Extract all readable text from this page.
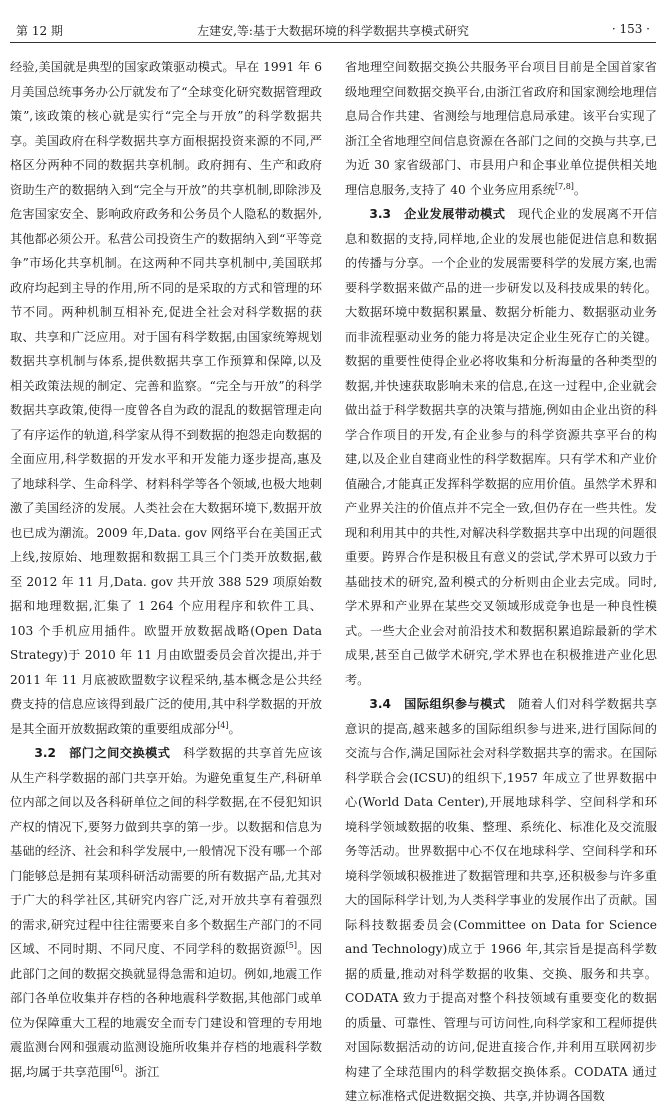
第 12 期	左建安,等:基于大数据环境的科学数据共享模式研究	· 153 ·

经验,美国就是典型的国家政策驱动模式。早在 1991 年 6 月美国总统事务办公厅就发布了“全球变化研究数据管理政策”,该政策的核心就是实行“完全与开放”的科学数据共享。美国政府在科学数据共享方面根据投资来源的不同,严格区分两种不同的数据共享机制。政府拥有、生产和政府资助生产的数据纳入到“完全与开放”的共享机制,即除涉及危害国家安全、影响政府政务和公务员个人隐私的数据外,其他都必须公开。私营公司投资生产的数据纳入到“平等竞争”市场化共享机制。在这两种不同共享机制中,美国联邦政府均起到主导的作用,所不同的是采取的方式和管理的环节不同。两种机制互相补充,促进全社会对科学数据的获取、共享和广泛应用。对于国有科学数据,由国家统筹规划数据共享机制与体系,提供数据共享工作预算和保障,以及相关政策法规的制定、完善和监察。“完全与开放”的科学数据共享政策,使得一度曾各自为政的混乱的数据管理走向了有序运作的轨道,科学家从得不到数据的抱怨走向数据的全面应用,科学数据的开发水平和开发能力逐步提高,惠及了地球科学、生命科学、材料科学等各个领域,也极大地刺激了美国经济的发展。人类社会在大数据环境下,数据开放也已成为潮流。2009 年,Data. gov 网络平台在美国正式上线,按原始、地理数据和数据工具三个门类开放数据,截至 2012 年 11 月,Data. gov 共开放 388 529 项原始数据和地理数据,汇集了 1 264 个应用程序和软件工具、103 个手机应用插件。欧盟开放数据战略(Open Data Strategy)于 2010 年 11 月由欧盟委员会首次提出,并于 2011 年 11 月底被欧盟数字议程采纳,基本概念是公共经费支持的信息应该得到最广泛的使用,其中科学数据的开放是其全面开放数据政策的重要组成部分[4]。

3.2　部门之间交换模式　 科学数据的共享首先应该从生产科学数据的部门共享开始。为避免重复生产,科研单位内部之间以及各科研单位之间的科学数据,在不侵犯知识产权的情况下,要努力做到共享的第一步。以数据和信息为基础的经济、社会和科学发展中,一般情况下没有哪一个部门能够总是拥有某项科研活动需要的所有数据产品,尤其对于广大的科学社区,其研究内容广泛,对开放共享有着强烈的需求,研究过程中往往需要来自多个数据生产部门的不同区域、不同时期、不同尺度、不同学科的数据资源[5]。因此部门之间的数据交换就显得急需和迫切。例如,地震工作部门各单位收集并存档的各种地震科学数据,其他部门或单位为保障重大工程的地震安全而专门建设和管理的专用地震监测台网和强震动监测设施所收集并存档的地震科学数据,均属于共享范围[6]。浙江

省地理空间数据交换公共服务平台项目目前是全国首家省级地理空间数据交换平台,由浙江省政府和国家测绘地理信息局合作共建、省测绘与地理信息局承建。该平台实现了浙江全省地理空间信息资源在各部门之间的交换与共享,已为近 30 家省级部门、市县用户和企事业单位提供相关地理信息服务,支持了 40 个业务应用系统[7,8]。

3.3　企业发展带动模式　 现代企业的发展离不开信息和数据的支持,同样地,企业的发展也能促进信息和数据的传播与分享。一个企业的发展需要科学的发展方案,也需要科学数据来做产品的进一步研发以及科技成果的转化。大数据环境中数据积累量、数据分析能力、数据驱动业务而非流程驱动业务的能力将是决定企业生死存亡的关键。数据的重要性使得企业必将收集和分析海量的各种类型的数据,并快速获取影响未来的信息,在这一过程中,企业就会做出益于科学数据共享的决策与措施,例如由企业出资的科学合作项目的开发,有企业参与的科学资源共享平台的构建,以及企业自建商业性的科学数据库。只有学术和产业价值融合,才能真正发挥科学数据的应用价值。虽然学术界和产业界关注的价值点并不完全一致,但仍存在一些共性。发现和利用其中的共性,对解决科学数据共享中出现的问题很重要。跨界合作是积极且有意义的尝试,学术界可以致力于基础技术的研究,盈利模式的分析则由企业去完成。同时,学术界和产业界在某些交叉领域形成竞争也是一种良性模式。一些大企业会对前沿技术和数据积累追踪最新的学术成果,甚至自己做学术研究,学术界也在积极推进产业化思考。

3.4　国际组织参与模式　 随着人们对科学数据共享意识的提高,越来越多的国际组织参与进来,进行国际间的交流与合作,满足国际社会对科学数据共享的需求。在国际科学联合会(ICSU)的组织下,1957 年成立了世界数据中心(World Data Center),开展地球科学、空间科学和环境科学领域数据的收集、整理、系统化、标准化及交流服务等活动。世界数据中心不仅在地球科学、空间科学和环境科学领域积极推进了数据管理和共享,还积极参与许多重大的国际科学计划,为人类科学事业的发展作出了贡献。国际科技数据委员会(Committee on Data for Science and Technology)成立于 1966 年,其宗旨是提高科学数据的质量,推动对科学数据的收集、交换、服务和共享。CODATA 致力于提高对整个科技领域有重要变化的数据的质量、可靠性、管理与可访问性,向科学家和工程师提供对国际数据活动的访问,促进直接合作,并利用互联网初步构建了全球范围内的科学数据交换体系。CODATA 通过建立标准格式促进数据交换、共享,并协调各国数
